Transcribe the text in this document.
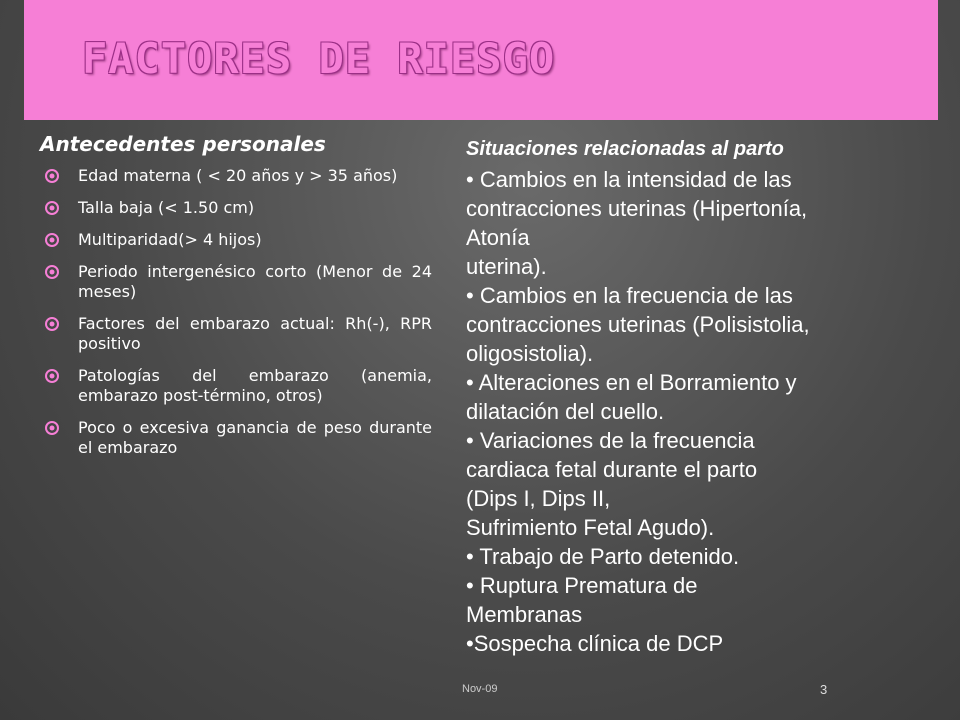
FACTORES DE RIESGO
Antecedentes personales
Edad materna ( < 20 años y > 35 años)
Talla baja (< 1.50 cm)
Multiparidad(> 4 hijos)
Periodo intergenésico corto (Menor de 24 meses)
Factores del embarazo actual: Rh(-), RPR positivo
Patologías del embarazo (anemia, embarazo post-término, otros)
Poco o excesiva ganancia de peso durante el embarazo
Situaciones relacionadas al parto
• Cambios en la intensidad de las
contracciones uterinas (Hipertonía,
Atonía
uterina).
• Cambios en la frecuencia de las
contracciones uterinas (Polisistolia,
oligosistolia).
• Alteraciones en el Borramiento y
dilatación del cuello.
• Variaciones de la frecuencia
cardiaca fetal durante el parto
(Dips I, Dips II,
Sufrimiento Fetal Agudo).
• Trabajo de Parto detenido.
• Ruptura Prematura de
Membranas
•Sospecha clínica de DCP
Nov-09	3
